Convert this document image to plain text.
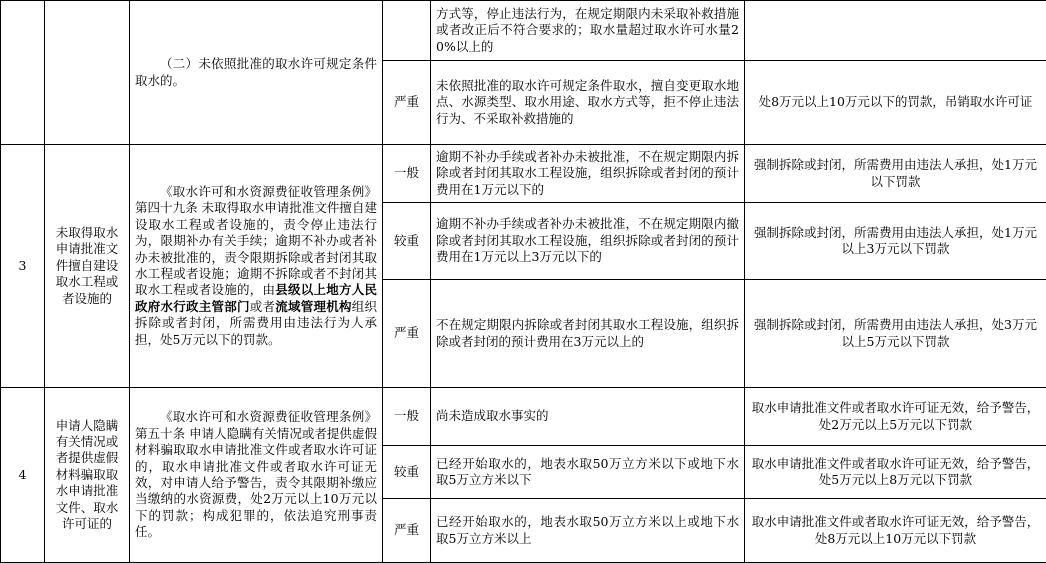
		（二）未依照批准的取水许可规定条件取水的。		方式等，停止违法行为，在规定期限内未采取补救措施或者改正后不符合要求的；取水量超过取水许可水量20%以上的	
			严重	未依照批准的取水许可规定条件取水，擅自变更取水地点、水源类型、取水用途、取水方式等，拒不停止违法行为、不采取补救措施的	处8万元以上10万元以下的罚款，吊销取水许可证
3	未取得取水申请批准文件擅自建设取水工程或者设施的	《取水许可和水资源费征收管理条例》第四十九条 未取得取水申请批准文件擅自建设取水工程或者设施的，责令停止违法行为，限期补办有关手续；逾期不补办或者补办未被批准的，责令限期拆除或者封闭其取水工程或者设施；逾期不拆除或者不封闭其取水工程或者设施的，由县级以上地方人民政府水行政主管部门或者流域管理机构组织拆除或者封闭，所需费用由违法行为人承担，处5万元以下的罚款。	一般	逾期不补办手续或者补办未被批准，不在规定期限内拆除或者封闭其取水工程设施，组织拆除或者封闭的预计费用在1万元以下的	强制拆除或封闭，所需费用由违法人承担，处1万元以下罚款
			较重	逾期不补办手续或者补办未被批准，不在规定期限内撤除或者封闭其取水工程设施，组织拆除或者封闭的预计费用在1万元以上3万元以下的	强制拆除或封闭，所需费用由违法人承担，处1万元以上3万元以下罚款
			严重	不在规定期限内拆除或者封闭其取水工程设施，组织拆除或者封闭的预计费用在3万元以上的	强制拆除或封闭，所需费用由违法人承担，处3万元以上5万元以下罚款
4	申请人隐瞒有关情况或者提供虚假材料骗取取水申请批准文件、取水许可证的	《取水许可和水资源费征收管理条例》第五十条 申请人隐瞒有关情况或者提供虚假材料骗取取水申请批准文件或者取水许可证的，取水申请批准文件或者取水许可证无效，对申请人给予警告，责令其限期补缴应当缴纳的水资源费，处2万元以上10万元以下的罚款；构成犯罪的，依法追究刑事责任。	一般	尚未造成取水事实的	取水申请批准文件或者取水许可证无效，给予警告，处2万元以上5万元以下罚款
			较重	已经开始取水的，地表水取50万立方米以下或地下水取5万立方米以下	取水申请批准文件或者取水许可证无效，给予警告，处5万元以上8万元以下罚款
			严重	已经开始取水的，地表水取50万立方米以上或地下水取5万立方米以上	取水申请批准文件或者取水许可证无效，给予警告，处8万元以上10万元以下罚款
